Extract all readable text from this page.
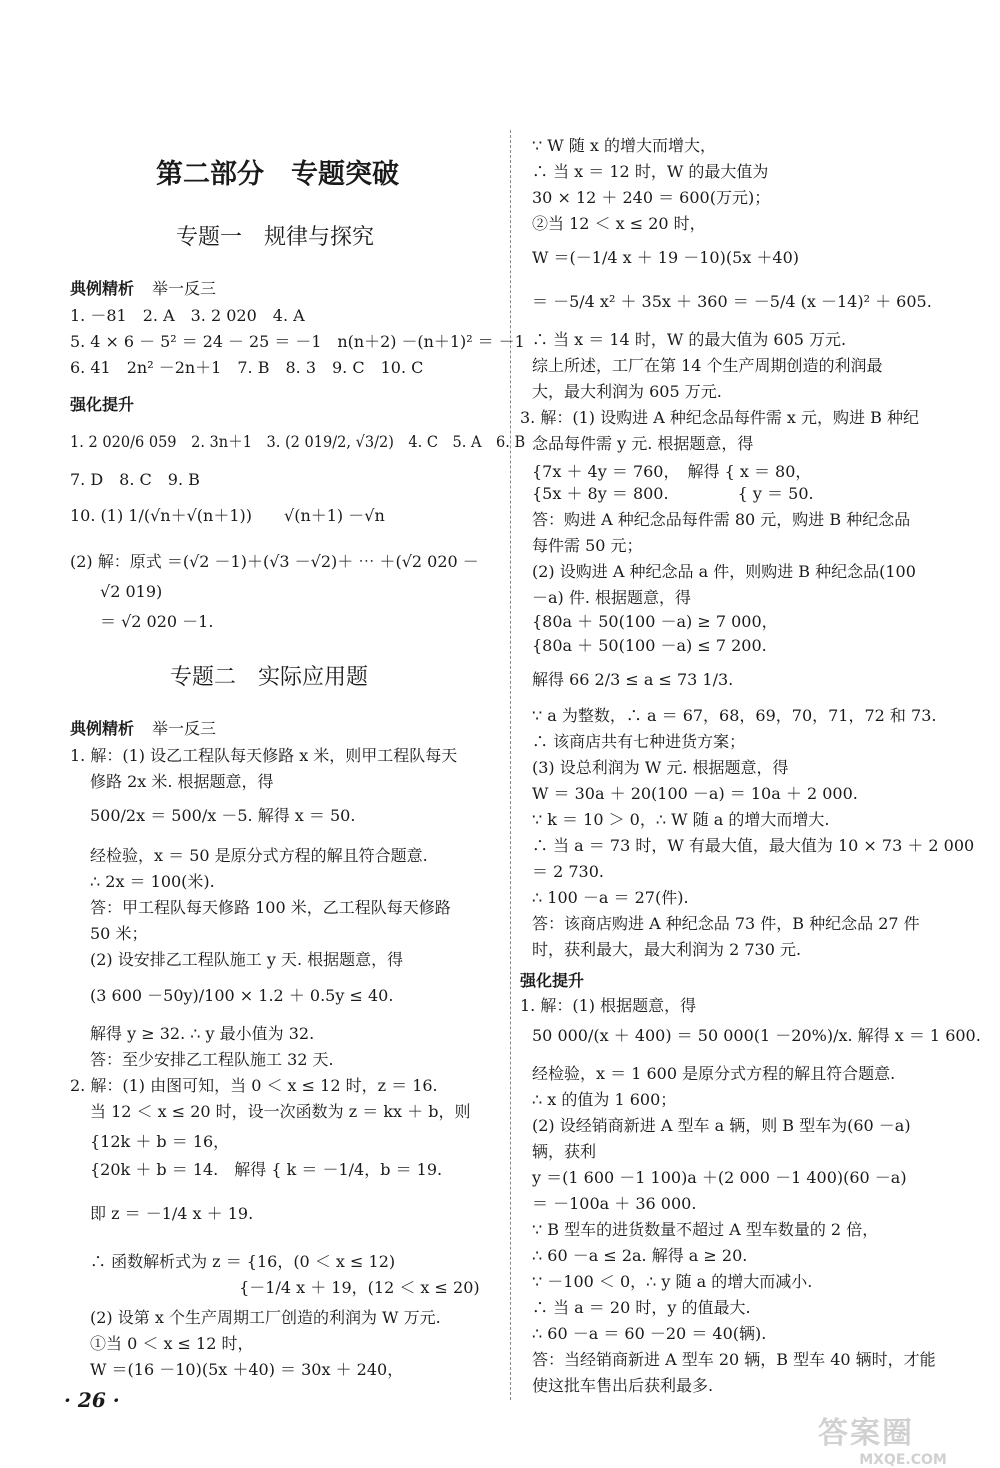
第二部分　专题突破
专题一　规律与探究
典例精析 举一反三
1. －81　2. A　3. 2 020　4. A
5. 4 × 6 － 5² ＝ 24 － 25 ＝ －1　n(n＋2) －(n＋1)² ＝ －1
6. 41　2n² －2n＋1　7. B　8. 3　9. C　10. C
强化提升
1. 2 020/6 059　2. 3n＋1　3. (2 019/2, √3/2)　4. C　5. A　6. B
7. D　8. C　9. B
10. (1) 1/(√n＋√(n＋1))　　√(n＋1) －√n
(2) 解：原式 ＝(√2 －1)＋(√3 －√2)＋ ⋯ ＋(√2 020 －
√2 019)
＝ √2 020 －1.
专题二　实际应用题
典例精析 举一反三
1. 解：(1) 设乙工程队每天修路 x 米，则甲工程队每天
修路 2x 米. 根据题意，得
500/2x ＝ 500/x －5. 解得 x ＝ 50.
经检验，x ＝ 50 是原分式方程的解且符合题意.
∴ 2x ＝ 100(米).
答：甲工程队每天修路 100 米，乙工程队每天修路
50 米；
(2) 设安排乙工程队施工 y 天. 根据题意，得
(3 600 －50y)/100 × 1.2 ＋ 0.5y ≤ 40.
解得 y ≥ 32. ∴ y 最小值为 32.
答：至少安排乙工程队施工 32 天.
2. 解：(1) 由图可知，当 0 ＜ x ≤ 12 时，z ＝ 16.
当 12 ＜ x ≤ 20 时，设一次函数为 z ＝ kx ＋ b，则
{12k ＋ b ＝ 16，
{20k ＋ b ＝ 14.　解得 { k ＝ －1/4，b ＝ 19.
即 z ＝ －1/4 x ＋ 19.
∴ 函数解析式为 z ＝ {16，(0 ＜ x ≤ 12)
　　　　　　　　　 {－1/4 x ＋ 19，(12 ＜ x ≤ 20)
(2) 设第 x 个生产周期工厂创造的利润为 W 万元.
①当 0 ＜ x ≤ 12 时，
W ＝(16 －10)(5x ＋40) ＝ 30x ＋ 240，
∵ W 随 x 的增大而增大，
∴ 当 x ＝ 12 时，W 的最大值为
30 × 12 ＋ 240 ＝ 600(万元)；
②当 12 ＜ x ≤ 20 时，
W ＝(－1/4 x ＋ 19 －10)(5x ＋40)
＝ －5/4 x² ＋ 35x ＋ 360 ＝ －5/4 (x －14)² ＋ 605.
∴ 当 x ＝ 14 时，W 的最大值为 605 万元.
综上所述，工厂在第 14 个生产周期创造的利润最
大，最大利润为 605 万元.
3. 解：(1) 设购进 A 种纪念品每件需 x 元，购进 B 种纪
念品每件需 y 元. 根据题意，得
{7x ＋ 4y ＝ 760，　解得 { x ＝ 80，
{5x ＋ 8y ＝ 800.　　　　 { y ＝ 50.
答：购进 A 种纪念品每件需 80 元，购进 B 种纪念品
每件需 50 元；
(2) 设购进 A 种纪念品 a 件，则购进 B 种纪念品(100
－a) 件. 根据题意，得
{80a ＋ 50(100 －a) ≥ 7 000，
{80a ＋ 50(100 －a) ≤ 7 200.
解得 66 2/3 ≤ a ≤ 73 1/3.
∵ a 为整数，∴ a ＝ 67，68，69，70，71，72 和 73.
∴ 该商店共有七种进货方案；
(3) 设总利润为 W 元. 根据题意，得
W ＝ 30a ＋ 20(100 －a) ＝ 10a ＋ 2 000.
∵ k ＝ 10 ＞ 0，∴ W 随 a 的增大而增大.
∴ 当 a ＝ 73 时，W 有最大值，最大值为 10 × 73 ＋ 2 000
＝ 2 730.
∴ 100 －a ＝ 27(件).
答：该商店购进 A 种纪念品 73 件，B 种纪念品 27 件
时，获利最大，最大利润为 2 730 元.
强化提升
1. 解：(1) 根据题意，得
50 000/(x ＋ 400) ＝ 50 000(1 －20%)/x. 解得 x ＝ 1 600.
经检验，x ＝ 1 600 是原分式方程的解且符合题意.
∴ x 的值为 1 600；
(2) 设经销商新进 A 型车 a 辆，则 B 型车为(60 －a)
辆，获利
y ＝(1 600 －1 100)a ＋(2 000 －1 400)(60 －a)
＝ －100a ＋ 36 000.
∵ B 型车的进货数量不超过 A 型车数量的 2 倍，
∴ 60 －a ≤ 2a. 解得 a ≥ 20.
∵ －100 ＜ 0，∴ y 随 a 的增大而减小.
∴ 当 a ＝ 20 时，y 的值最大.
∴ 60 －a ＝ 60 －20 ＝ 40(辆).
答：当经销商新进 A 型车 20 辆，B 型车 40 辆时，才能
使这批车售出后获利最多.
· 26 ·
答案圈
MXQE.COM
